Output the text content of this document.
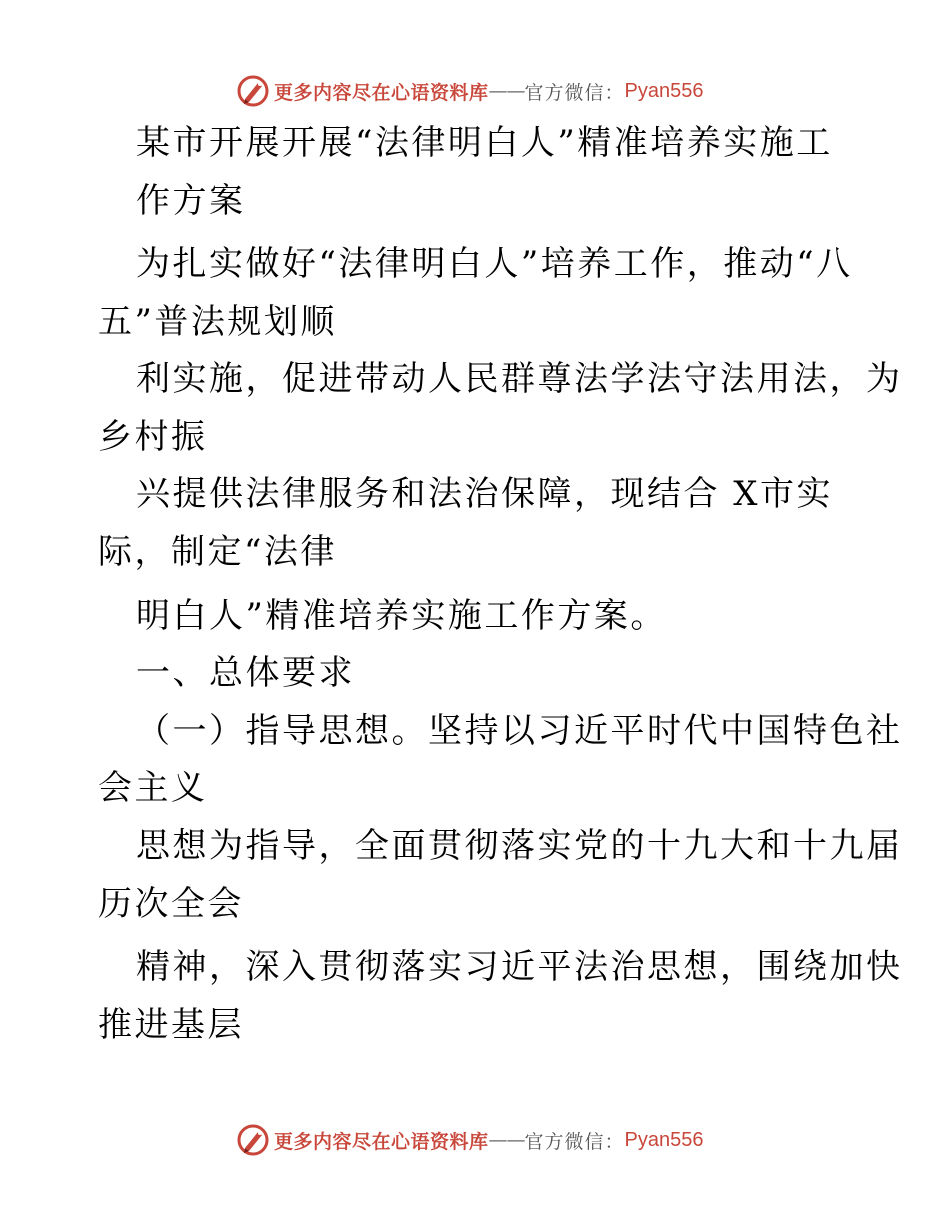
更多内容尽在心语资料库 —— 官方微信： Pyan556
某市开展开展“法律明白人”精准培养实施工
作方案
为扎实做好“法律明白人”培养工作，推动“八
五”普法规划顺
利实施，促进带动人民群尊法学法守法用法，为
乡村振
兴提供法律服务和法治保障，现结合 X市实
际，制定“法律
明白人”精准培养实施工作方案。
一、总体要求
（一）指导思想。坚持以习近平时代中国特色社
会主义
思想为指导，全面贯彻落实党的十九大和十九届
历次全会
精神，深入贯彻落实习近平法治思想，围绕加快
推进基层
更多内容尽在心语资料库 —— 官方微信： Pyan556
